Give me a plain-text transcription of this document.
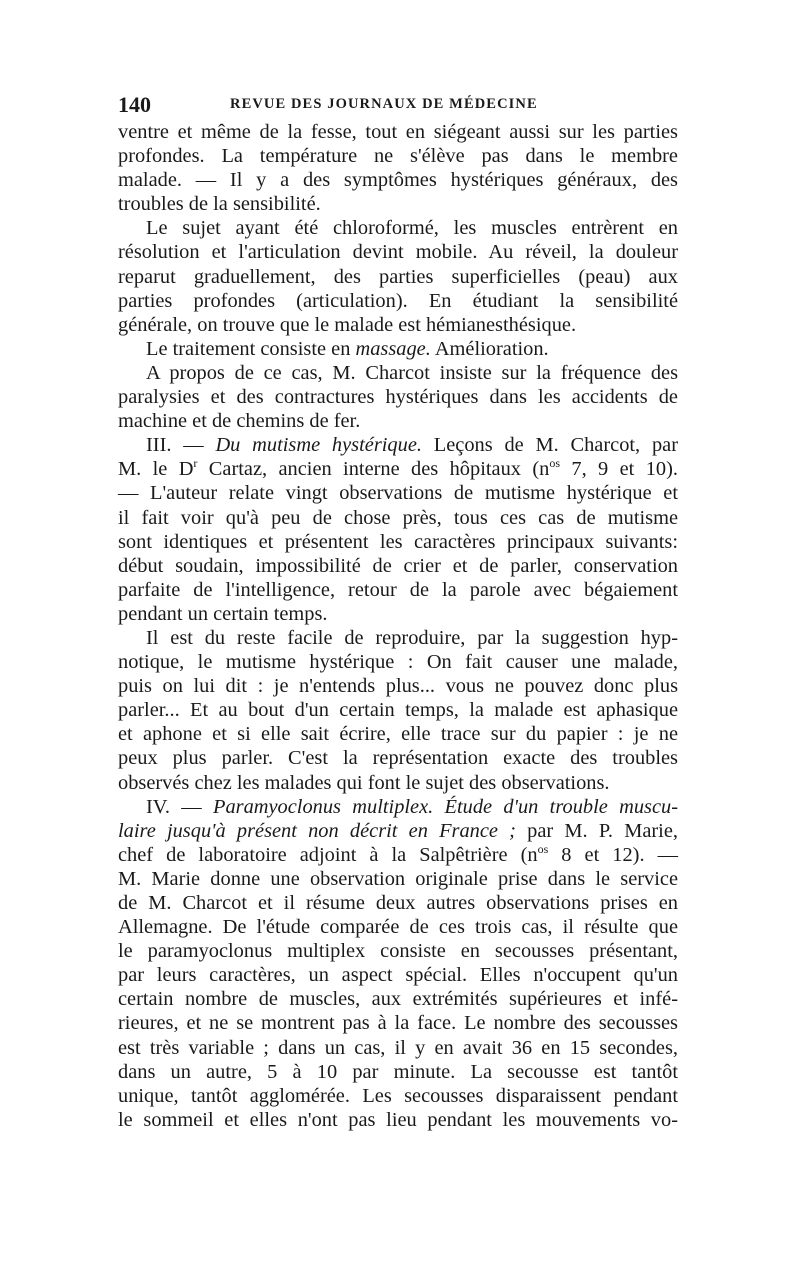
140	REVUE DES JOURNAUX DE MÉDECINE
ventre et même de la fesse, tout en siégeant aussi sur les parties
profondes. La température ne s'élève pas dans le membre
malade. — Il y a des symptômes hystériques généraux, des
troubles de la sensibilité.
Le sujet ayant été chloroformé, les muscles entrèrent en
résolution et l'articulation devint mobile. Au réveil, la douleur
reparut graduellement, des parties superficielles (peau) aux
parties profondes (articulation). En étudiant la sensibilité
générale, on trouve que le malade est hémianesthésique.
Le traitement consiste en massage. Amélioration.
A propos de ce cas, M. Charcot insiste sur la fréquence des
paralysies et des contractures hystériques dans les accidents de
machine et de chemins de fer.
III. — Du mutisme hystérique. Leçons de M. Charcot, par
M. le $D^r$ Cartaz, ancien interne des hôpitaux ($n^{os}$ 7, 9 et 10).
— L'auteur relate vingt observations de mutisme hystérique et
il fait voir qu'à peu de chose près, tous ces cas de mutisme
sont identiques et présentent les caractères principaux suivants:
début soudain, impossibilité de crier et de parler, conservation
parfaite de l'intelligence, retour de la parole avec bégaiement
pendant un certain temps.
Il est du reste facile de reproduire, par la suggestion hyp-
notique, le mutisme hystérique : On fait causer une malade,
puis on lui dit : je n'entends plus... vous ne pouvez donc plus
parler... Et au bout d'un certain temps, la malade est aphasique
et aphone et si elle sait écrire, elle trace sur du papier : je ne
peux plus parler. C'est la représentation exacte des troubles
observés chez les malades qui font le sujet des observations.
IV. — Paramyoclonus multiplex. Étude d'un trouble muscu-
laire jusqu'à présent non décrit en France ; par M. P. Marie,
chef de laboratoire adjoint à la Salpêtrière ($n^{os}$ 8 et 12). —
M. Marie donne une observation originale prise dans le service
de M. Charcot et il résume deux autres observations prises en
Allemagne. De l'étude comparée de ces trois cas, il résulte que
le paramyoclonus multiplex consiste en secousses présentant,
par leurs caractères, un aspect spécial. Elles n'occupent qu'un
certain nombre de muscles, aux extrémités supérieures et infé-
rieures, et ne se montrent pas à la face. Le nombre des secousses
est très variable ; dans un cas, il y en avait 36 en 15 secondes,
dans un autre, 5 à 10 par minute. La secousse est tantôt
unique, tantôt agglomérée. Les secousses disparaissent pendant
le sommeil et elles n'ont pas lieu pendant les mouvements vo-
